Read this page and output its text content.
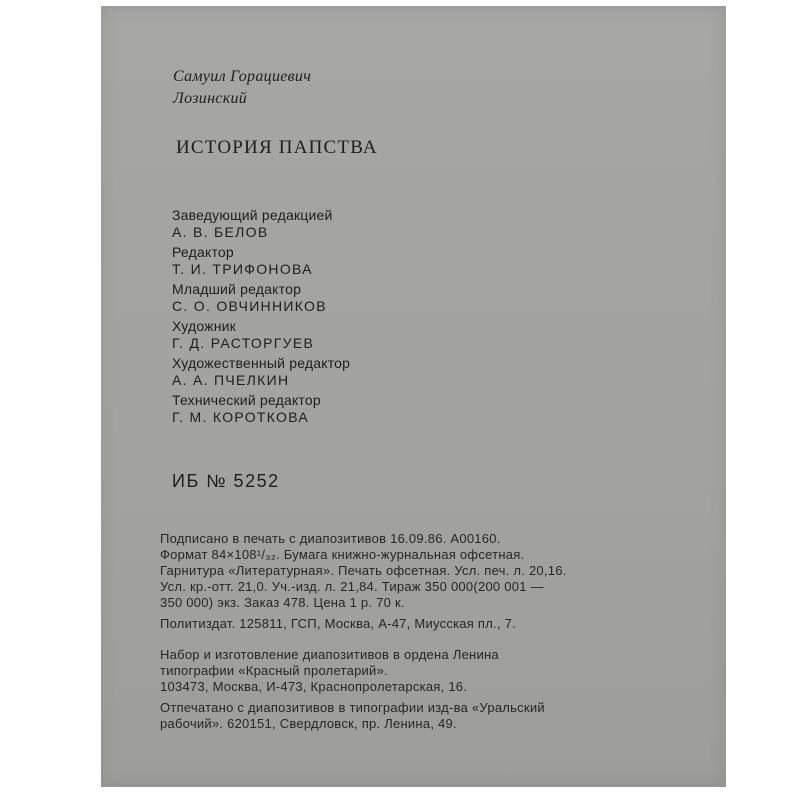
Самуил Горациевич

Лозинский

ИСТОРИЯ ПАПСТВА

Заведующий редакцией

А. В. БЕЛОВ

Редактор

Т. И. ТРИФОНОВА

Младший редактор

С. О. ОВЧИННИКОВ

Художник

Г. Д. РАСТОРГУЕВ

Художественный редактор

А. А. ПЧЕЛКИН

Технический редактор

Г. М. КОРОТКОВА

ИБ № 5252

Подписано в печать с диапозитивов 16.09.86. А00160.
Формат 84×108¹/₃₂. Бумага книжно-журнальная офсетная.
Гарнитура «Литературная». Печать офсетная. Усл. печ. л. 20,16.
Усл. кр.-отт. 21,0. Уч.-изд. л. 21,84. Тираж 350 000(200 001 —
350 000) экз. Заказ 478. Цена 1 р. 70 к.
Политиздат. 125811, ГСП, Москва, А-47, Миусская пл., 7.
Набор и изготовление диапозитивов в ордена Ленина
типографии «Красный пролетарий».
103473, Москва, И-473, Краснопролетарская, 16.
Отпечатано с диапозитивов в типографии изд-ва «Уральский
рабочий». 620151, Свердловск, пр. Ленина, 49.
